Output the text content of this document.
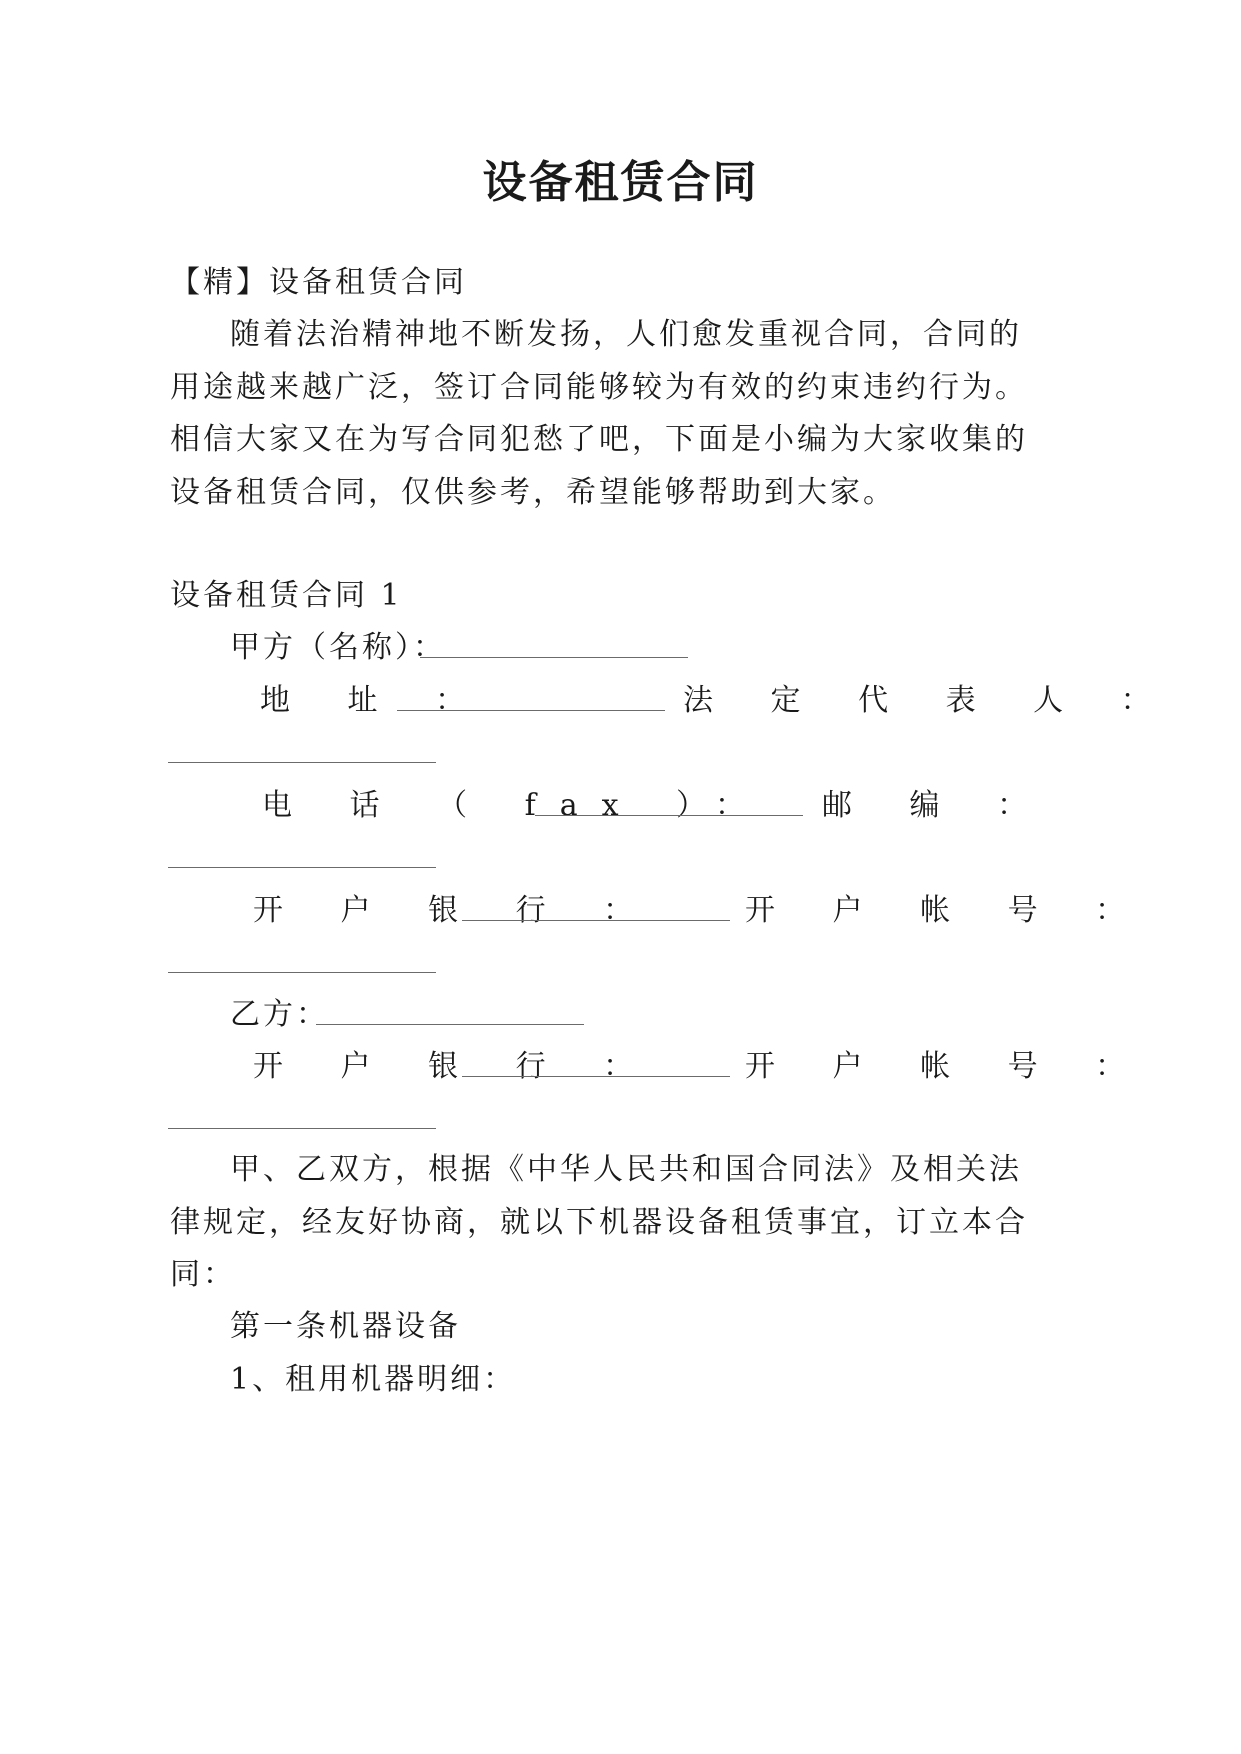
设备租赁合同
【精】设备租赁合同
随着法治精神地不断发扬，人们愈发重视合同，合同的
用途越来越广泛，签订合同能够较为有效的约束违约行为。
相信大家又在为写合同犯愁了吧，下面是小编为大家收集的
设备租赁合同，仅供参考，希望能够帮助到大家。
设备租赁合同 1
甲方（名称）：
地 址 ：	法 定 代 表 人 ：
电 话 （ fax ）： 邮 编 ：
开 户 银 行 ：	开 户 帐 号 ：
乙方：
开 户 银 行 ：	开 户 帐 号 ：
甲、乙双方，根据《中华人民共和国合同法》及相关法
律规定，经友好协商，就以下机器设备租赁事宜，订立本合
同：
第一条机器设备
1、租用机器明细：
